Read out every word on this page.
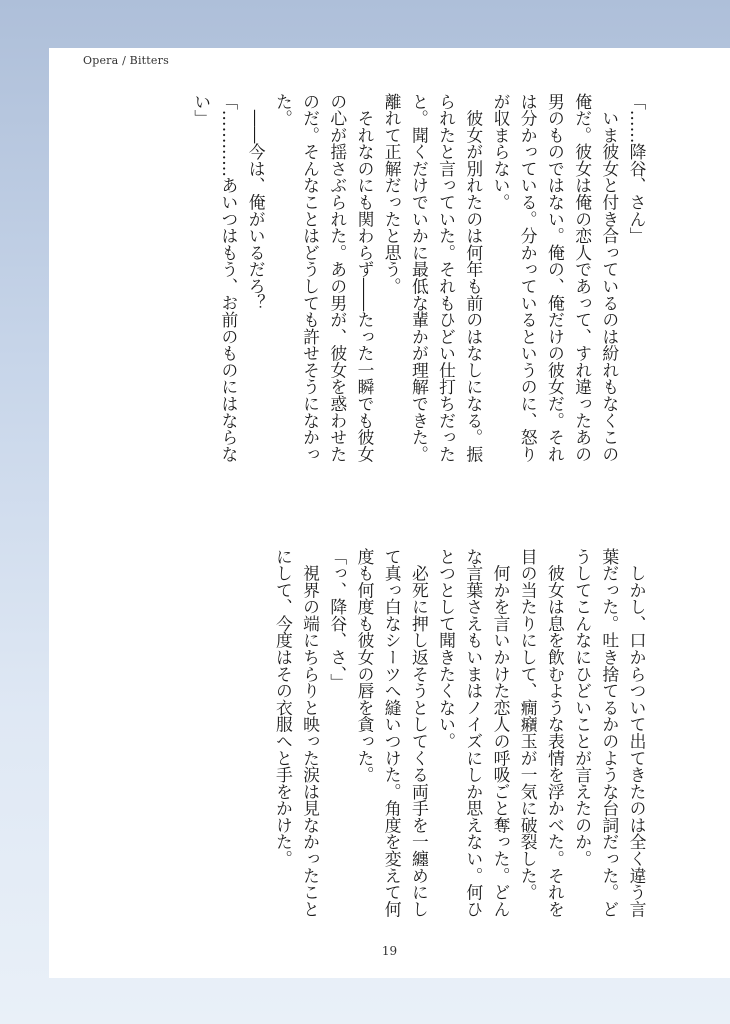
Opera / Bitters
「……降谷、さん」
　いま彼女と付き合っているのは紛れもなくこの
俺だ。彼女は俺の恋人であって、すれ違ったあの
男のものではない。俺の、俺だけの彼女だ。それ
は分かっている。分かっているというのに、怒り
が収まらない。
　彼女が別れたのは何年も前のはなしになる。振
られたと言っていた。それもひどい仕打ちだった
と。聞くだけでいかに最低な輩かが理解できた。
離れて正解だったと思う。
　それなのにも関わらず――たった一瞬でも彼女
の心が揺さぶられた。あの男が、彼女を惑わせた
のだ。そんなことはどうしても許せそうになかっ
た。
　――今は、俺がいるだろ？
「…………あいつはもう、お前のものにはならな
い」
　しかし、口からついて出てきたのは全く違う言
葉だった。吐き捨てるかのような台詞だった。ど
うしてこんなにひどいことが言えたのか。
　彼女は息を飲むような表情を浮かべた。それを
目の当たりにして、癇癪玉が一気に破裂した。
　何かを言いかけた恋人の呼吸ごと奪った。どん
な言葉さえもいまはノイズにしか思えない。何ひ
とつとして聞きたくない。
　必死に押し返そうとしてくる両手を一纏めにし
て真っ白なシーツへ縫いつけた。角度を変えて何
度も何度も彼女の唇を貪った。
「っ、降谷、さ、」
　視界の端にちらりと映った涙は見なかったこと
にして、今度はその衣服へと手をかけた。
19
